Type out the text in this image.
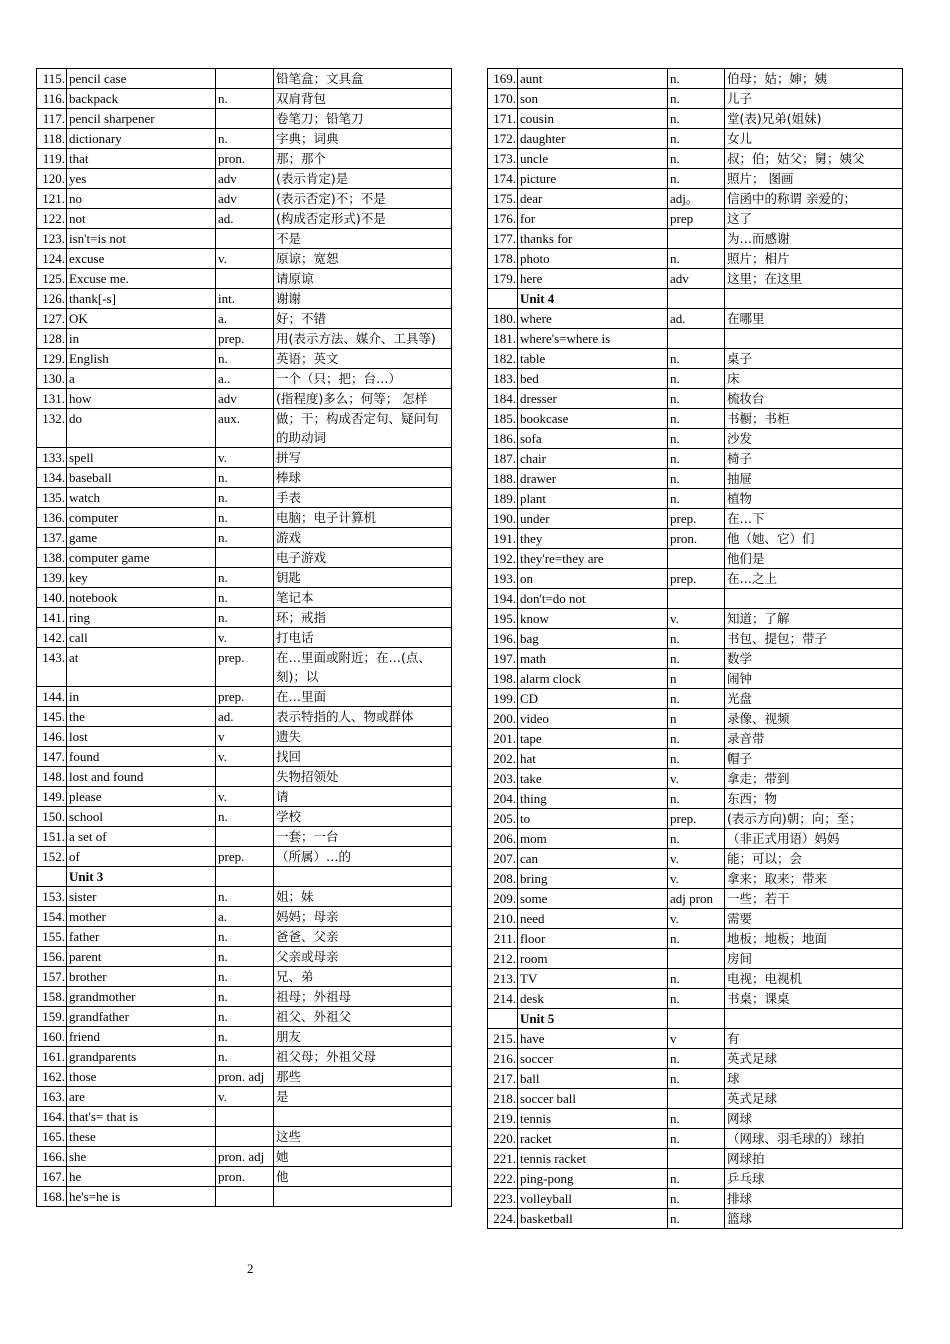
115.	pencil case		铅笔盒；文具盒
116.	backpack	n.	双肩背包
117.	pencil sharpener		卷笔刀；铅笔刀
118.	dictionary	n.	字典；词典
119.	that	pron.	那；那个
120.	yes	adv	(表示肯定)是
121.	no	adv	(表示否定)不；不是
122.	not	ad.	(构成否定形式)不是
123.	isn't=is not		不是
124.	excuse	v.	原谅；宽恕
125.	Excuse me.		请原谅
126.	thank[-s]	int.	谢谢
127.	OK	a.	好；不错
128.	in	prep.	用(表示方法、媒介、工具等)
129.	English	n.	英语；英文
130.	a	a..	一个（只；把；台…）
131.	how	adv	(指程度)多么；何等； 怎样
132.	do	aux.	做；干；构成否定句、疑问句的助动词
133.	spell	v.	拼写
134.	baseball	n.	棒球
135.	watch	n.	手表
136.	computer	n.	电脑；电子计算机
137.	game	n.	游戏
138.	computer game		电子游戏
139.	key	n.	钥匙
140.	notebook	n.	笔记本
141.	ring	n.	环；戒指
142.	call	v.	打电话
143.	at	prep.	在…里面或附近；在…(点、刻)；以
144.	in	prep.	在…里面
145.	the	ad.	表示特指的人、物或群体
146.	lost	v	遗失
147.	found	v.	找回
148.	lost and found		失物招领处
149.	please	v.	请
150.	school	n.	学校
151.	a set of		一套；一台
152.	of	prep.	（所属）…的
	Unit 3		
153.	sister	n.	姐；妹
154.	mother	a.	妈妈；母亲
155.	father	n.	爸爸、父亲
156.	parent	n.	父亲或母亲
157.	brother	n.	兄、弟
158.	grandmother	n.	祖母；外祖母
159.	grandfather	n.	祖父、外祖父
160.	friend	n.	朋友
161.	grandparents	n.	祖父母；外祖父母
162.	those	pron. adj	那些
163.	are	v.	是
164.	that's= that is		
165.	these		这些
166.	she	pron. adj	她
167.	he	pron.	他
168.	he's=he is		
169.	aunt	n.	伯母；姑；婶；姨
170.	son	n.	儿子
171.	cousin	n.	堂(表)兄弟(姐妹)
172.	daughter	n.	女儿
173.	uncle	n.	叔；伯；姑父；舅；姨父
174.	picture	n.	照片； 图画
175.	dear	adj。	信函中的称谓 亲爱的；
176.	for	prep	这了
177.	thanks for		为…而感谢
178.	photo	n.	照片；相片
179.	here	adv	这里；在这里
	Unit 4		
180.	where	ad.	在哪里
181.	where's=where is		
182.	table	n.	桌子
183.	bed	n.	床
184.	dresser	n.	梳妆台
185.	bookcase	n.	书橱；书柜
186.	sofa	n.	沙发
187.	chair	n.	椅子
188.	drawer	n.	抽屉
189.	plant	n.	植物
190.	under	prep.	在…下
191.	they	pron.	他（她、它）们
192.	they're=they are		他们是
193.	on	prep.	在…之上
194.	don't=do not		
195.	know	v.	知道；了解
196.	bag	n.	书包、提包；带子
197.	math	n.	数学
198.	alarm clock	n	闹钟
199.	CD	n.	光盘
200.	video	n	录像、视频
201.	tape	n.	录音带
202.	hat	n.	帽子
203.	take	v.	拿走；带到
204.	thing	n.	东西；物
205.	to	prep.	(表示方向)朝；向；至；
206.	mom	n.	（非正式用语）妈妈
207.	can	v.	能；可以；会
208.	bring	v.	拿来；取来；带来
209.	some	adj pron	一些；若干
210.	need	v.	需要
211.	floor	n.	地板；地板；地面
212.	room		房间
213.	TV	n.	电视；电视机
214.	desk	n.	书桌；课桌
	Unit 5		
215.	have	v	有
216.	soccer	n.	英式足球
217.	ball	n.	球
218.	soccer ball		英式足球
219.	tennis	n.	网球
220.	racket	n.	（网球、羽毛球的）球拍
221.	tennis racket		网球拍
222.	ping-pong	n.	乒乓球
223.	volleyball	n.	排球
224.	basketball	n.	篮球
2
